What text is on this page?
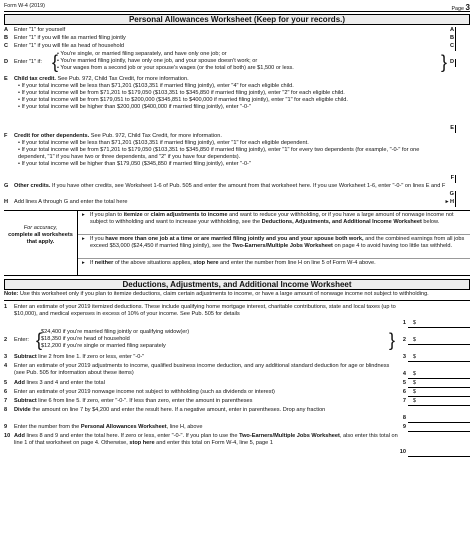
Form W-4 (2019)	Page 3
Personal Allowances Worksheet (Keep for your records.)
A	Enter "1" for yourself	A
B	Enter "1" if you will file as married filing jointly	B
C	Enter "1" if you will file as head of household	C
D	Enter "1" if: {
• You're single, or married filing separately, and have only one job; or
• You're married filing jointly, have only one job, and your spouse doesn't work; or
• Your wages from a second job or your spouse's wages (or the total of both) are $1,500 or less.	} D
E	Child tax credit. See Pub. 972, Child Tax Credit, for more information.
• If your total income will be less than $71,201 ($103,351 if married filing jointly), enter "4" for each eligible child.
• If your total income will be from $71,201 to $179,050 ($103,351 to $345,850 if married filing jointly), enter "2" for each eligible child.
• If your total income will be from $179,051 to $200,000 ($345,851 to $400,000 if married filing jointly), enter "1" for each eligible child.
• If your total income will be higher than $200,000 ($400,000 if married filing jointly), enter "-0-"
E
F	Credit for other dependents. See Pub. 972, Child Tax Credit, for more information.
• If your total income will be less than $71,201 ($103,351 if married filing jointly), enter "1" for each eligible dependent.
• If your total income will be from $71,201 to $179,050 ($103,351 to $345,850 if married filing jointly), enter "1" for every two dependents (for example, "-0-" for one dependent, "1" if you have two or three dependents, and "2" if you have four dependents).
• If your total income will be higher than $179,050 ($345,850 if married filing jointly), enter "-0-"
F
G	Other credits. If you have other credits, see Worksheet 1-6 of Pub. 505 and enter the amount from that worksheet here. If you use Worksheet 1-6, enter "-0-" on lines E and F
G
H	Add lines A through G and enter the total here	▸ H
For accuracy,
complete all worksheets that apply.
▸ If you plan to itemize or claim adjustments to income and want to reduce your withholding, or if you have a large amount of nonwage income not subject to withholding and want to increase your withholding, see the Deductions, Adjustments, and Additional Income Worksheet below.
▸ If you have more than one job at a time or are married filing jointly and you and your spouse both work, and the combined earnings from all jobs exceed $53,000 ($24,450 if married filing jointly), see the Two-Earners/Multiple Jobs Worksheet on page 4 to avoid having too little tax withheld.
▸ If neither of the above situations applies, stop here and enter the number from line H on line 5 of Form W-4 above.
Deductions, Adjustments, and Additional Income Worksheet
Note: Use this worksheet only if you plan to itemize deductions, claim certain adjustments to income, or have a large amount of nonwage income not subject to withholding.
1	Enter an estimate of your 2019 itemized deductions. These include qualifying home mortgage interest, charitable contributions, state and local taxes (up to $10,000), and medical expenses in excess of 10% of your income. See Pub. 505 for details
1 $
2	Enter: {
$24,400 if you're married filing jointly or qualifying widow(er)
$18,350 if you're head of household
$12,200 if you're single or married filing separately	} 2 $
3	Subtract line 2 from line 1. If zero or less, enter "-0-"	3 $
4	Enter an estimate of your 2019 adjustments to income, qualified business income deduction, and any additional standard deduction for age or blindness (see Pub. 505 for information about these items)	4 $
5	Add lines 3 and 4 and enter the total	5 $
6	Enter an estimate of your 2019 nonwage income not subject to withholding (such as dividends or interest)	6 $
7	Subtract line 6 from line 5. If zero, enter "-0-". If less than zero, enter the amount in parentheses	7 $
8	Divide the amount on line 7 by $4,200 and enter the result here. If a negative amount, enter in parentheses. Drop any fraction
8
9	Enter the number from the Personal Allowances Worksheet, line H, above	9
10 Add lines 8 and 9 and enter the total here. If zero or less, enter "-0-". If you plan to use the Two-Earners/Multiple Jobs Worksheet, also enter this total on line 1 of that worksheet on page 4. Otherwise, stop here and enter this total on Form W-4, line 5, page 1
10
